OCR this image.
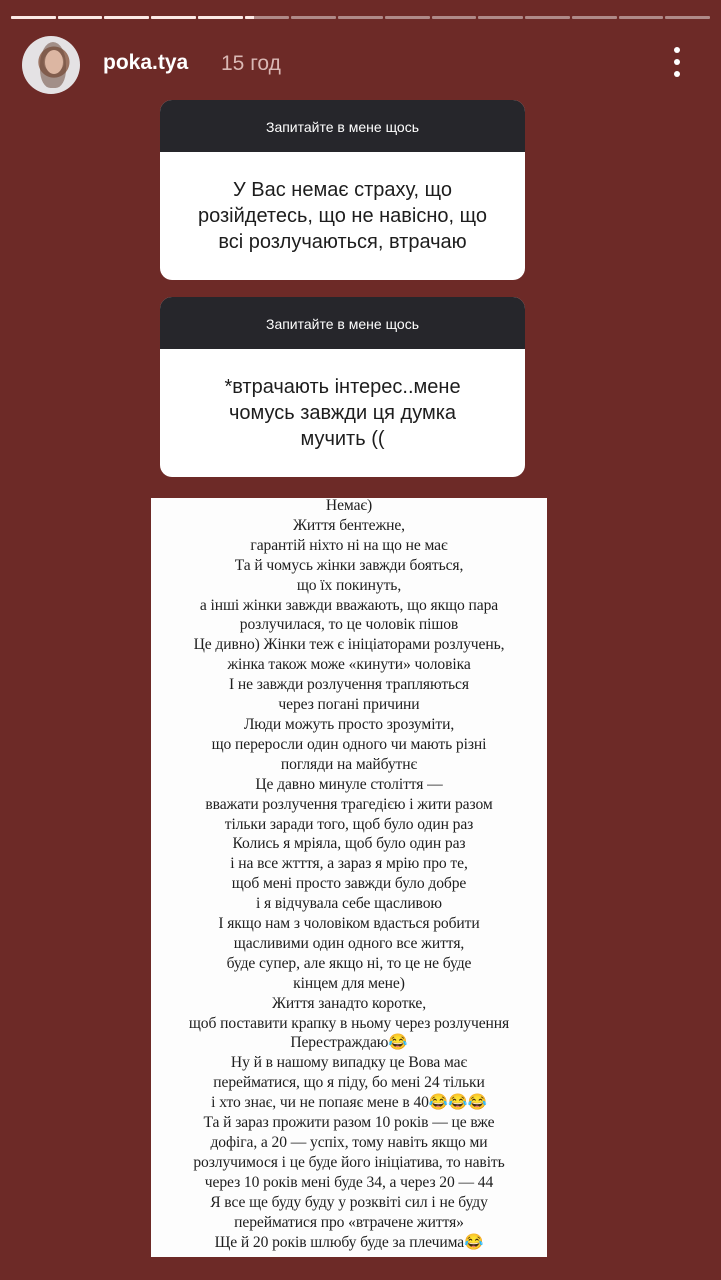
poka.tya 15 год
Запитайте в мене щось
У Вас немає страху, що
розійдетесь, що не навісно, що
всі розлучаються, втрачаю
Запитайте в мене щось
*втрачають інтерес..мене
чомусь завжди ця думка
мучить ((
Немає)
Життя бентежне,
гарантій ніхто ні на що не має
Та й чомусь жінки завжди бояться,
що їх покинуть,
а інші жінки завжди вважають, що якщо пара
розлучилася, то це чоловік пішов
Це дивно) Жінки теж є ініціаторами розлучень,
жінка також може «кинути» чоловіка
І не завжди розлучення трапляються
через погані причини
Люди можуть просто зрозуміти,
що переросли один одного чи мають різні
погляди на майбутнє
Це давно минуле століття —
вважати розлучення трагедією і жити разом
тільки заради того, щоб було один раз
Колись я мріяла, щоб було один раз
і на все жтття, а зараз я мрію про те,
щоб мені просто завжди було добре
і я відчувала себе щасливою
І якщо нам з чоловіком вдасться робити
щасливими один одного все життя,
буде супер, але якщо ні, то це не буде
кінцем для мене)
Життя занадто коротке,
щоб поставити крапку в ньому через розлучення
Перестраждаю😂
Ну й в нашому випадку це Вова має
перейматися, що я піду, бо мені 24 тільки
і хто знає, чи не попаяє мене в 40😂😂😂
Та й зараз прожити разом 10 років — це вже
дофіга, а 20 — успіх, тому навіть якщо ми
розлучимося і це буде його ініціатива, то навіть
через 10 років мені буде 34, а через 20 — 44
Я все ще буду буду у розквіті сил і не буду
перейматися про «втрачене життя»
Ще й 20 років шлюбу буде за плечима😂
